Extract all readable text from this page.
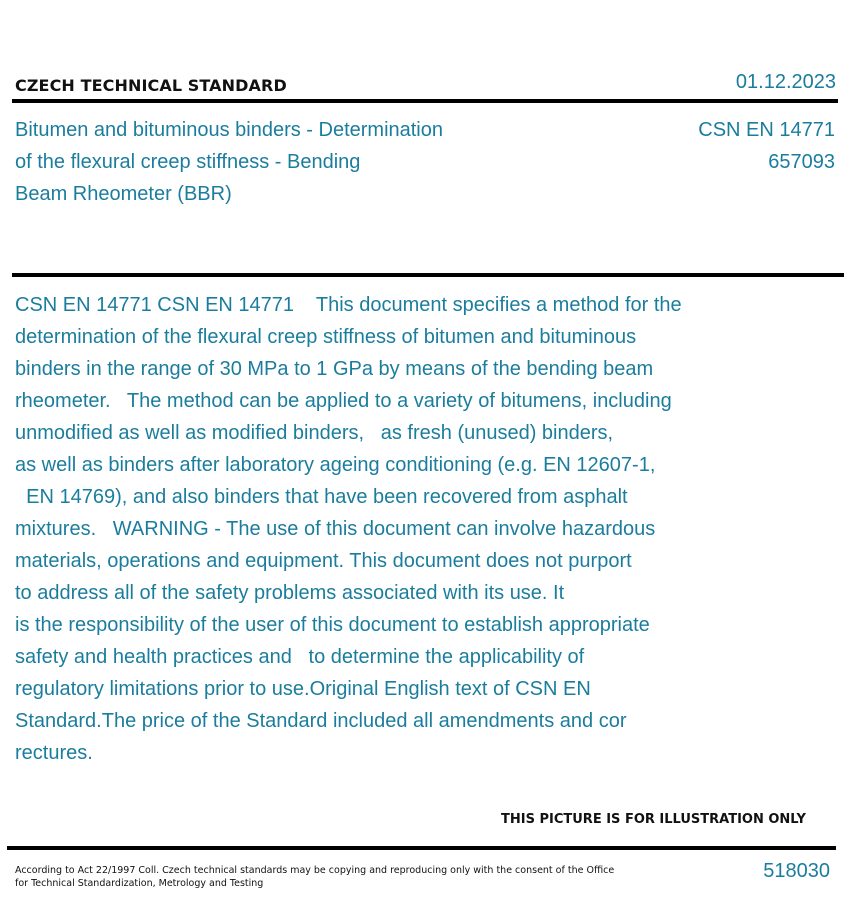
CZECH TECHNICAL STANDARD	01.12.2023
Bitumen and bituminous binders - Determination
of the flexural creep stiffness - Bending
Beam Rheometer (BBR)
CSN EN 14771
657093
CSN EN 14771 CSN EN 14771    This document specifies a method for the
determination of the flexural creep stiffness of bitumen and bituminous
binders in the range of 30 MPa to 1 GPa by means of the bending beam
rheometer.   The method can be applied to a variety of bitumens, including
unmodified as well as modified binders,   as fresh (unused) binders,
as well as binders after laboratory ageing conditioning (e.g. EN 12607-1,
EN 14769), and also binders that have been recovered from asphalt
mixtures.   WARNING - The use of this document can involve hazardous
materials, operations and equipment. This document does not purport
to address all of the safety problems associated with its use. It
is the responsibility of the user of this document to establish appropriate
safety and health practices and   to determine the applicability of
regulatory limitations prior to use.Original English text of CSN EN
Standard.The price of the Standard included all amendments and cor
rectures.
THIS PICTURE IS FOR ILLUSTRATION ONLY
According to Act 22/1997 Coll. Czech technical standards may be copying and reproducing only with the consent of the Office
for Technical Standardization, Metrology and Testing
518030
